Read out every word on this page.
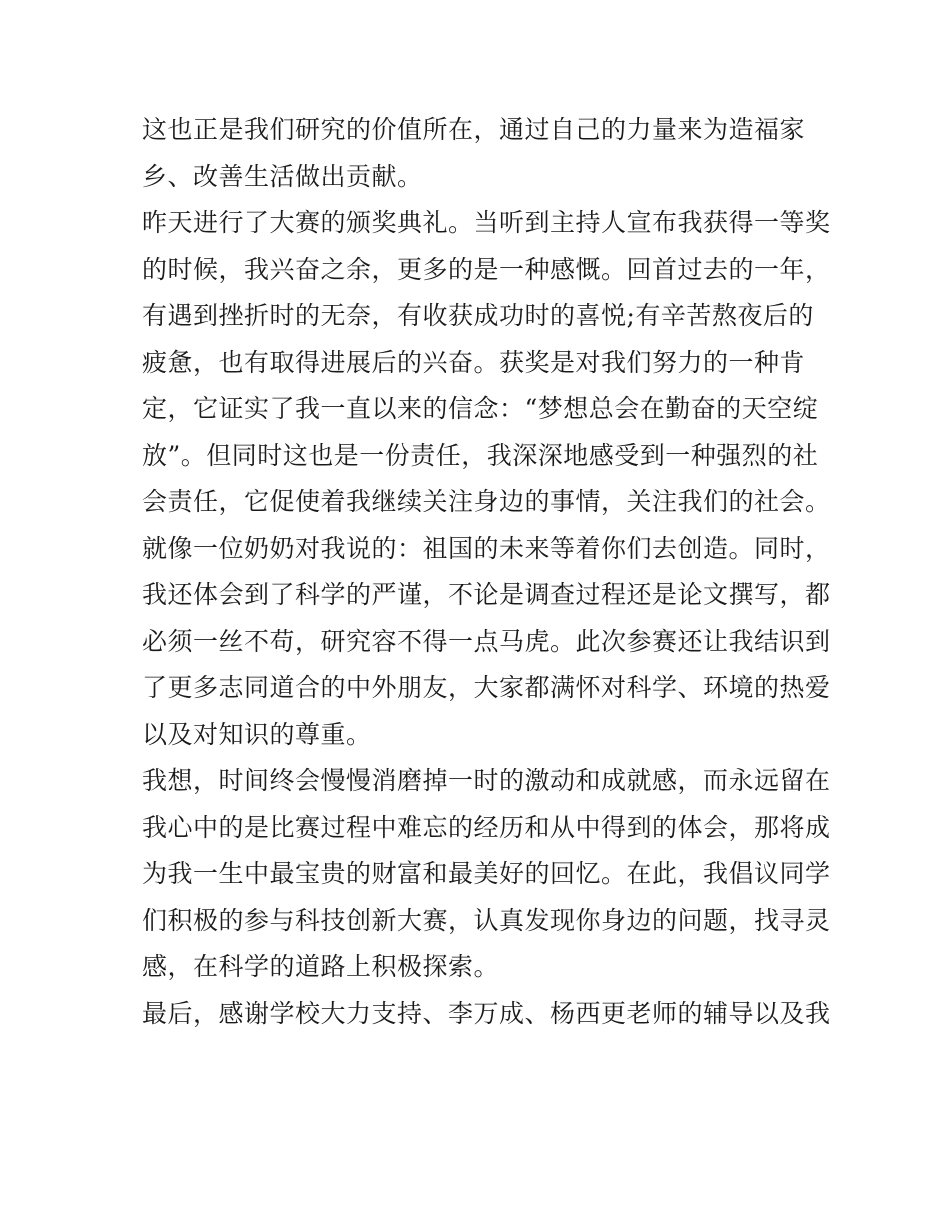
这也正是我们研究的价值所在，通过自己的力量来为造福家
乡、改善生活做出贡献。
昨天进行了大赛的颁奖典礼。当听到主持人宣布我获得一等奖
的时候，我兴奋之余，更多的是一种感慨。回首过去的一年，
有遇到挫折时的无奈，有收获成功时的喜悦;有辛苦熬夜后的
疲惫，也有取得进展后的兴奋。获奖是对我们努力的一种肯
定，它证实了我一直以来的信念：“梦想总会在勤奋的天空绽
放”。但同时这也是一份责任，我深深地感受到一种强烈的社
会责任，它促使着我继续关注身边的事情，关注我们的社会。
就像一位奶奶对我说的：祖国的未来等着你们去创造。同时，
我还体会到了科学的严谨，不论是调查过程还是论文撰写，都
必须一丝不苟，研究容不得一点马虎。此次参赛还让我结识到
了更多志同道合的中外朋友，大家都满怀对科学、环境的热爱
以及对知识的尊重。
我想，时间终会慢慢消磨掉一时的激动和成就感，而永远留在
我心中的是比赛过程中难忘的经历和从中得到的体会，那将成
为我一生中最宝贵的财富和最美好的回忆。在此，我倡议同学
们积极的参与科技创新大赛，认真发现你身边的问题，找寻灵
感，在科学的道路上积极探索。
最后，感谢学校大力支持、李万成、杨西更老师的辅导以及我
